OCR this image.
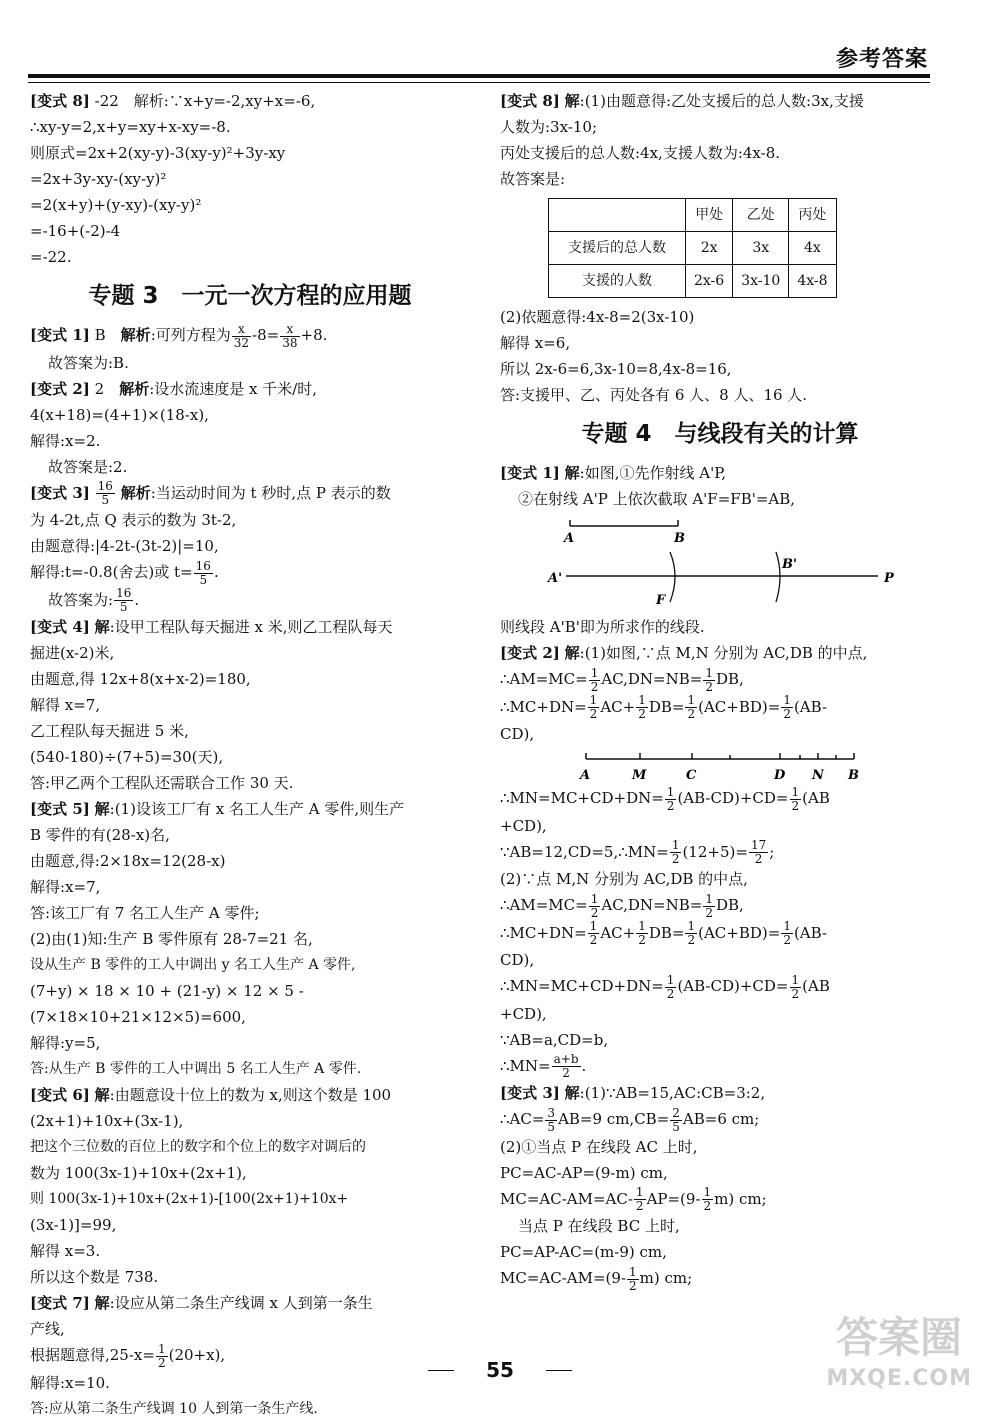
参考答案
[变式 8] -22　解析:∵x+y=-2,xy+x=-6,
∴xy-y=2,x+y=xy+x-xy=-8.
则原式=2x+2(xy-y)-3(xy-y)²+3y-xy
=2x+3y-xy-(xy-y)²
=2(x+y)+(y-xy)-(xy-y)²
=-16+(-2)-4
=-22.
专题 3　一元一次方程的应用题
[变式 1] B　解析:可列方程为 $\frac{x}{32} -8= \frac{x}{38} +8$.
故答案为:B.
[变式 2] 2　解析:设水流速度是 x 千米/时,
4(x+18)=(4+1)×(18-x),
解得:x=2.
故答案是:2.
[变式 $3] \frac{16}{5}$ 解析:当运动时间为 t 秒时,点 P 表示的数
为 4-2t,点 Q 表示的数为 3t-2,
由题意得:|4-2t-(3t-2)|=10,
解得:t=-0.8(舍去)或 $t= \frac{16}{5}$ .
故答案为: $\frac{16}{5}$ .
[变式 4] 解:设甲工程队每天掘进 x 米,则乙工程队每天
掘进(x-2)米,
由题意,得 12x+8(x+x-2)=180,
解得 x=7,
乙工程队每天掘进 5 米,
(540-180)÷(7+5)=30(天),
答:甲乙两个工程队还需联合工作 30 天.
[变式 5] 解:(1)设该工厂有 x 名工人生产 A 零件,则生产
B 零件的有(28-x)名,
由题意,得:2×18x=12(28-x)
解得:x=7,
答:该工厂有 7 名工人生产 A 零件;
(2)由(1)知:生产 B 零件原有 28-7=21 名,
设从生产 B 零件的工人中调出 y 名工人生产 A 零件,
(7+y) × 18 × 10 + (21-y) × 12 × 5 -
(7×18×10+21×12×5)=600,
解得:y=5,
答:从生产 B 零件的工人中调出 5 名工人生产 A 零件.
[变式 6] 解:由题意设十位上的数为 x,则这个数是 100
(2x+1)+10x+(3x-1),
把这个三位数的百位上的数字和个位上的数字对调后的
数为 100(3x-1)+10x+(2x+1),
则 100(3x-1)+10x+(2x+1)-[100(2x+1)+10x+
(3x-1)]=99,
解得 x=3.
所以这个数是 738.
[变式 7] 解:设应从第二条生产线调 x 人到第一条生
产线,
根据题意得$,25-x= \frac{1}{2} (20+x)$,
解得:x=10.
答:应从第二条生产线调 10 人到第一条生产线.
[变式 8] 解:(1)由题意得:乙处支援后的总人数:3x,支援
人数为:3x-10;
丙处支援后的总人数:4x,支援人数为:4x-8.
故答案是:
	甲处	乙处	丙处
支援后的总人数	2x	3x	4x
支援的人数	2x-6	3x-10	4x-8
(2)依题意得:4x-8=2(3x-10)
解得 x=6,
所以 2x-6=6,3x-10=8,4x-8=16,
答:支援甲、乙、丙处各有 6 人、8 人、16 人.
专题 4　与线段有关的计算
[变式 1] 解:如图,①先作射线 A'P,
②在射线 A'P 上依次截取 A'F=FB'=AB,
A	B
A'
F
B'
P
则线段 A'B'即为所求作的线段.
[变式 2] 解:(1)如图,∵点 M,N 分别为 AC,DB 的中点,
∴AM=MC= $\frac{1}{2} AC,DN=NB= \frac{1}{2}$ DB,
∴MC+DN= $\frac{1}{2} AC+ \frac{1}{2} DB= \frac{1}{2} (AC+BD)= \frac{1}{2} (AB-$
CD),
A	M	C	D N B
∴MN=MC+CD+DN= $\frac{1}{2} (AB-CD)+CD= \frac{1}{2} (AB$
+CD),
∵AB=12,CD=5,∴MN= $\frac{1}{2} (12+5)= \frac{17}{2}$ ;
(2)∵点 M,N 分别为 AC,DB 的中点,
∴AM=MC= $\frac{1}{2} AC,DN=NB= \frac{1}{2}$ DB,
∴MC+DN= $\frac{1}{2} AC+ \frac{1}{2} DB= \frac{1}{2} (AC+BD)= \frac{1}{2} (AB-$
CD),
∴MN=MC+CD+DN= $\frac{1}{2} (AB-CD)+CD= \frac{1}{2} (AB$
+CD),
∵AB=a,CD=b,
∴MN= $\frac{a+b}{2}$ .
[变式 3] 解:(1)∵AB=15,AC:CB=3:2,
∴AC= $\frac{3}{5} AB=9$ $cm,CB= \frac{2}{5} AB=6$ cm;
(2)①当点 P 在线段 AC 上时,
PC=AC-AP=(9-m) cm,
$MC=AC-AM=AC- \frac{1}{2} AP=(9- \frac{1}{2} m)$ cm;
当点 P 在线段 BC 上时,
PC=AP-AC=(m-9) cm,
$MC=AC-AM=(9- \frac{1}{2} m)$ cm;
55
答案圈
MXQE.COM
